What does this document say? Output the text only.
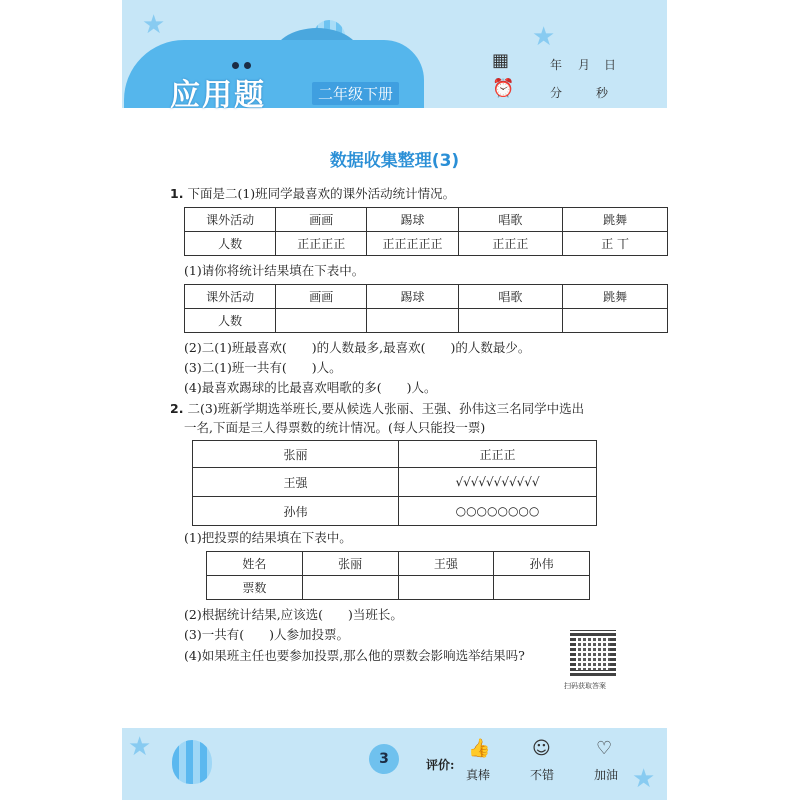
★	★
应用题	二年级下册
▦	年 月 日
⏰	分	秒
数据收集整理(3)
1. 下面是二(1)班同学最喜欢的课外活动统计情况。
课外活动	画画	踢球	唱歌	跳舞
人数	正正正正	正正正正正	正正正	正 丅
(1)请你将统计结果填在下表中。
课外活动	画画	踢球	唱歌	跳舞
人数				
(2)二(1)班最喜欢(　　)的人数最多,最喜欢(　　)的人数最少。
(3)二(1)班一共有(　　)人。
(4)最喜欢踢球的比最喜欢唱歌的多(　　)人。
2. 二(3)班新学期选举班长,要从候选人张丽、王强、孙伟这三名同学中选出
一名,下面是三人得票数的统计情况。(每人只能投一票)
张丽	正正正
王强	√√√√√√√√√√√
孙伟	○○○○○○○○
(1)把投票的结果填在下表中。
姓名	张丽	王强	孙伟
票数			
(2)根据统计结果,应该选(　　)当班长。
(3)一共有(　　)人参加投票。
(4)如果班主任也要参加投票,那么他的票数会影响选举结果吗?
扫码获取答案
★
★
3	评价:
👍
真棒
☺
不错
♡
加油
